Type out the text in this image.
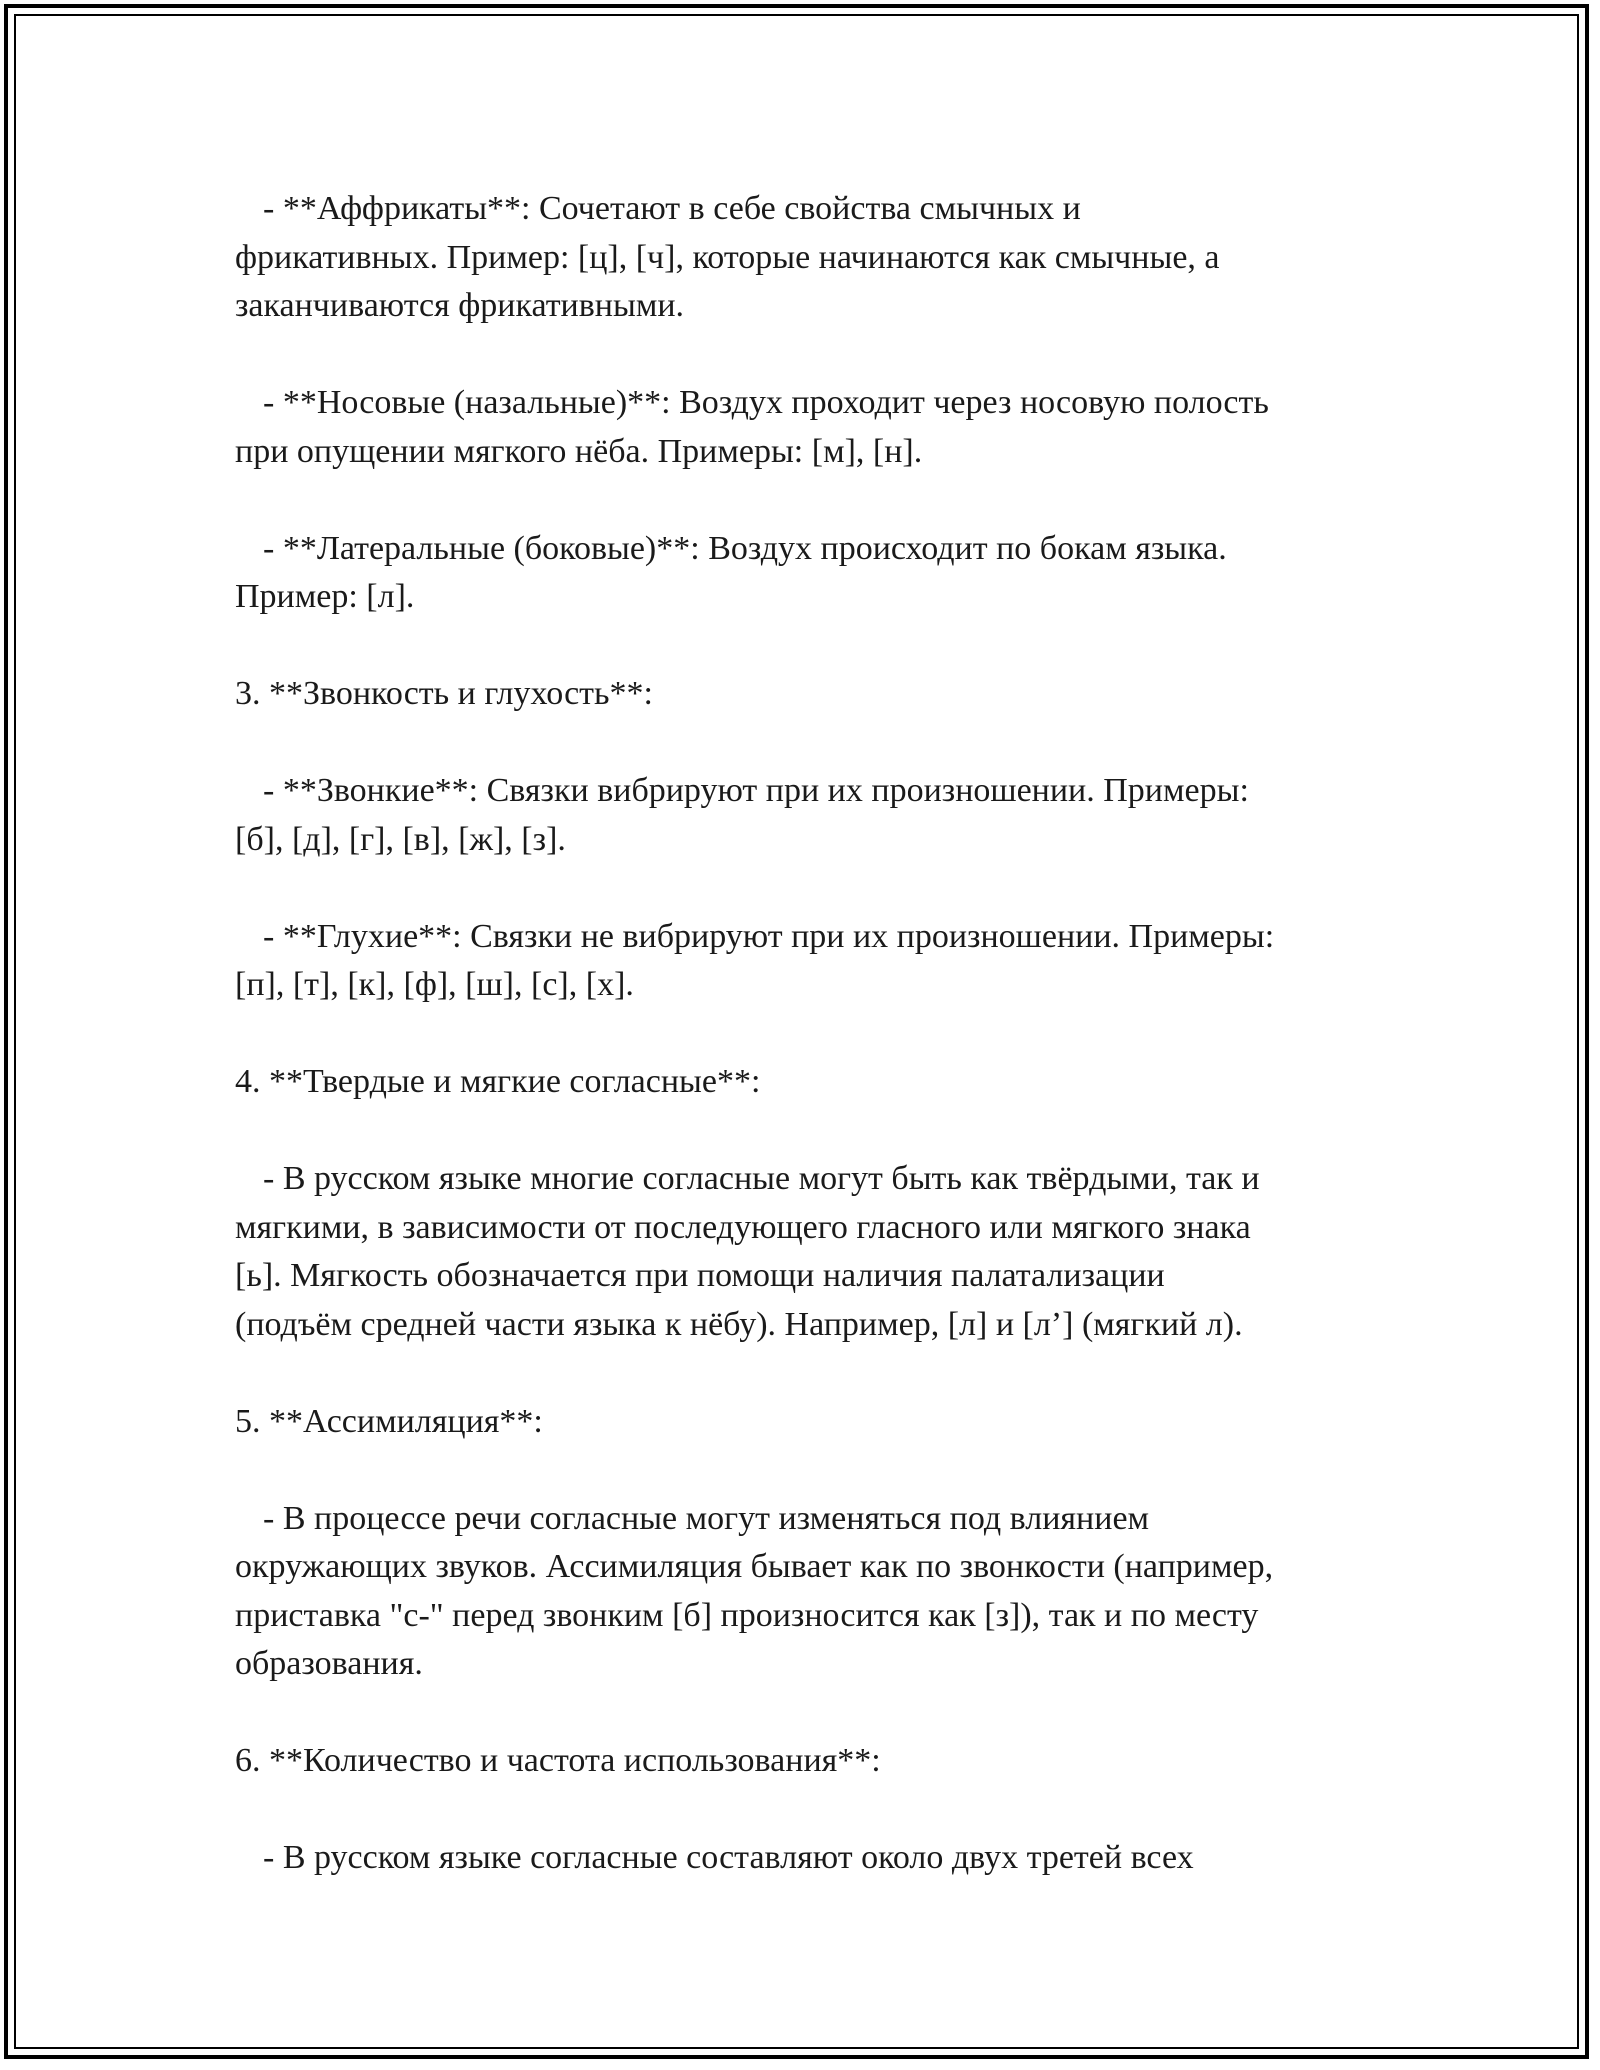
- **Аффрикаты**: Сочетают в себе свойства смычных и
фрикативных. Пример: [ц], [ч], которые начинаются как смычные, а
заканчиваются фрикативными.

- **Носовые (назальные)**: Воздух проходит через носовую полость
при опущении мягкого нёба. Примеры: [м], [н].

- **Латеральные (боковые)**: Воздух происходит по бокам языка.
Пример: [л].

3. **Звонкость и глухость**:

- **Звонкие**: Связки вибрируют при их произношении. Примеры:
[б], [д], [г], [в], [ж], [з].

- **Глухие**: Связки не вибрируют при их произношении. Примеры:
[п], [т], [к], [ф], [ш], [с], [х].

4. **Твердые и мягкие согласные**:

- В русском языке многие согласные могут быть как твёрдыми, так и
мягкими, в зависимости от последующего гласного или мягкого знака
[ь]. Мягкость обозначается при помощи наличия палатализации
(подъём средней части языка к нёбу). Например, [л] и [л’] (мягкий л).

5. **Ассимиляция**:

- В процессе речи согласные могут изменяться под влиянием
окружающих звуков. Ассимиляция бывает как по звонкости (например,
приставка "с-" перед звонким [б] произносится как [з]), так и по месту
образования.

6. **Количество и частота использования**:

- В русском языке согласные составляют около двух третей всех
